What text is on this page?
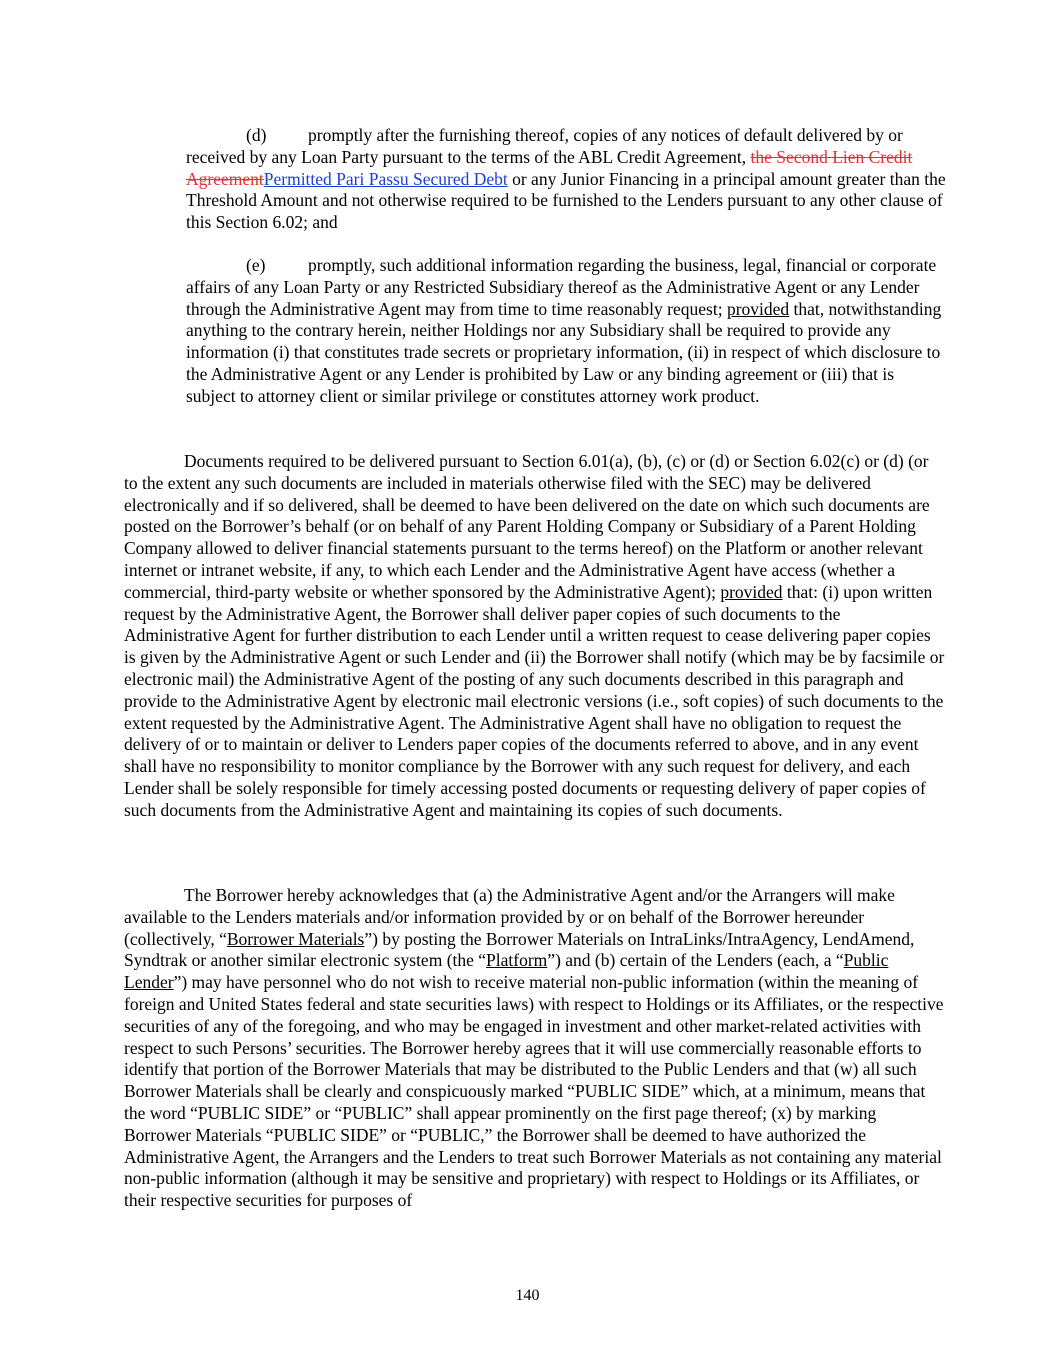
(d) promptly after the furnishing thereof, copies of any notices of default delivered by or received by any Loan Party pursuant to the terms of the ABL Credit Agreement, the Second Lien Credit AgreementPermitted Pari Passu Secured Debt or any Junior Financing in a principal amount greater than the Threshold Amount and not otherwise required to be furnished to the Lenders pursuant to any other clause of this Section 6.02; and

(e) promptly, such additional information regarding the business, legal, financial or corporate affairs of any Loan Party or any Restricted Subsidiary thereof as the Administrative Agent or any Lender through the Administrative Agent may from time to time reasonably request; provided that, notwithstanding anything to the contrary herein, neither Holdings nor any Subsidiary shall be required to provide any information (i) that constitutes trade secrets or proprietary information, (ii) in respect of which disclosure to the Administrative Agent or any Lender is prohibited by Law or any binding agreement or (iii) that is subject to attorney client or similar privilege or constitutes attorney work product.

Documents required to be delivered pursuant to Section 6.01(a), (b), (c) or (d) or Section 6.02(c) or (d) (or to the extent any such documents are included in materials otherwise filed with the SEC) may be delivered electronically and if so delivered, shall be deemed to have been delivered on the date on which such documents are posted on the Borrower’s behalf (or on behalf of any Parent Holding Company or Subsidiary of a Parent Holding Company allowed to deliver financial statements pursuant to the terms hereof) on the Platform or another relevant internet or intranet website, if any, to which each Lender and the Administrative Agent have access (whether a commercial, third-party website or whether sponsored by the Administrative Agent); provided that: (i) upon written request by the Administrative Agent, the Borrower shall deliver paper copies of such documents to the Administrative Agent for further distribution to each Lender until a written request to cease delivering paper copies is given by the Administrative Agent or such Lender and (ii) the Borrower shall notify (which may be by facsimile or electronic mail) the Administrative Agent of the posting of any such documents described in this paragraph and provide to the Administrative Agent by electronic mail electronic versions (i.e., soft copies) of such documents to the extent requested by the Administrative Agent. The Administrative Agent shall have no obligation to request the delivery of or to maintain or deliver to Lenders paper copies of the documents referred to above, and in any event shall have no responsibility to monitor compliance by the Borrower with any such request for delivery, and each Lender shall be solely responsible for timely accessing posted documents or requesting delivery of paper copies of such documents from the Administrative Agent and maintaining its copies of such documents.

The Borrower hereby acknowledges that (a) the Administrative Agent and/or the Arrangers will make available to the Lenders materials and/or information provided by or on behalf of the Borrower hereunder (collectively, “Borrower Materials”) by posting the Borrower Materials on IntraLinks/IntraAgency, LendAmend, Syndtrak or another similar electronic system (the “Platform”) and (b) certain of the Lenders (each, a “Public Lender”) may have personnel who do not wish to receive material non-public information (within the meaning of foreign and United States federal and state securities laws) with respect to Holdings or its Affiliates, or the respective securities of any of the foregoing, and who may be engaged in investment and other market-related activities with respect to such Persons’ securities. The Borrower hereby agrees that it will use commercially reasonable efforts to identify that portion of the Borrower Materials that may be distributed to the Public Lenders and that (w) all such Borrower Materials shall be clearly and conspicuously marked “PUBLIC SIDE” which, at a minimum, means that the word “PUBLIC SIDE” or “PUBLIC” shall appear prominently on the first page thereof; (x) by marking Borrower Materials “PUBLIC SIDE” or “PUBLIC,” the Borrower shall be deemed to have authorized the Administrative Agent, the Arrangers and the Lenders to treat such Borrower Materials as not containing any material non-public information (although it may be sensitive and proprietary) with respect to Holdings or its Affiliates, or their respective securities for purposes of

140
